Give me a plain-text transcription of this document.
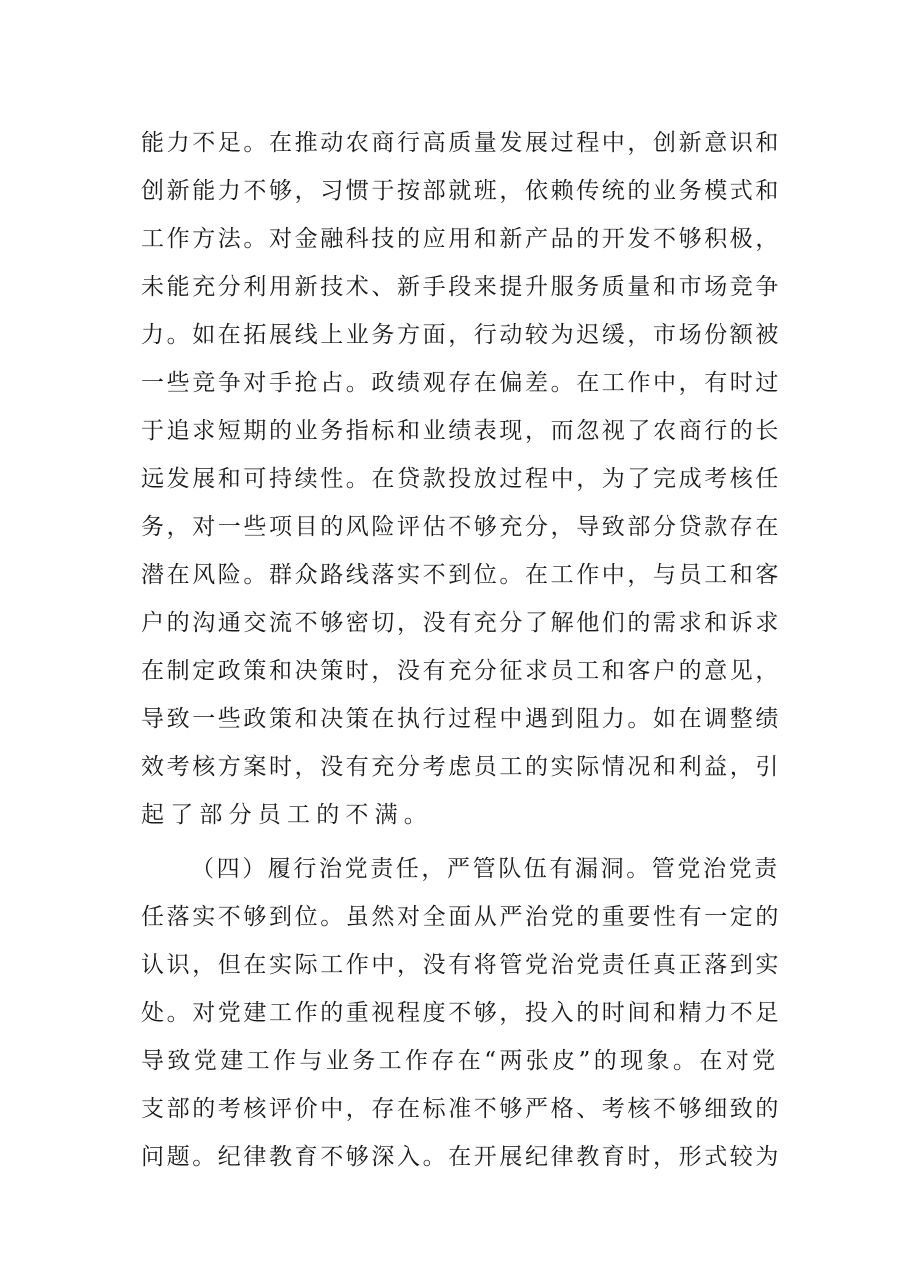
能力不足。在推动农商行高质量发展过程中，创新意识和
创新能力不够，习惯于按部就班，依赖传统的业务模式和
工作方法。对金融科技的应用和新产品的开发不够积极，
未能充分利用新技术、新手段来提升服务质量和市场竞争
力。如在拓展线上业务方面，行动较为迟缓，市场份额被
一些竞争对手抢占。政绩观存在偏差。在工作中，有时过
于追求短期的业务指标和业绩表现，而忽视了农商行的长
远发展和可持续性。在贷款投放过程中，为了完成考核任
务，对一些项目的风险评估不够充分，导致部分贷款存在
潜在风险。群众路线落实不到位。在工作中，与员工和客
户的沟通交流不够密切，没有充分了解他们的需求和诉求
在制定政策和决策时，没有充分征求员工和客户的意见，
导致一些政策和决策在执行过程中遇到阻力。如在调整绩
效考核方案时，没有充分考虑员工的实际情况和利益，引
起了部分员工的不满。
（四）履行治党责任，严管队伍有漏洞。管党治党责
任落实不够到位。虽然对全面从严治党的重要性有一定的
认识，但在实际工作中，没有将管党治党责任真正落到实
处。对党建工作的重视程度不够，投入的时间和精力不足
导致党建工作与业务工作存在“两张皮”的现象。在对党
支部的考核评价中，存在标准不够严格、考核不够细致的
问题。纪律教育不够深入。在开展纪律教育时，形式较为
